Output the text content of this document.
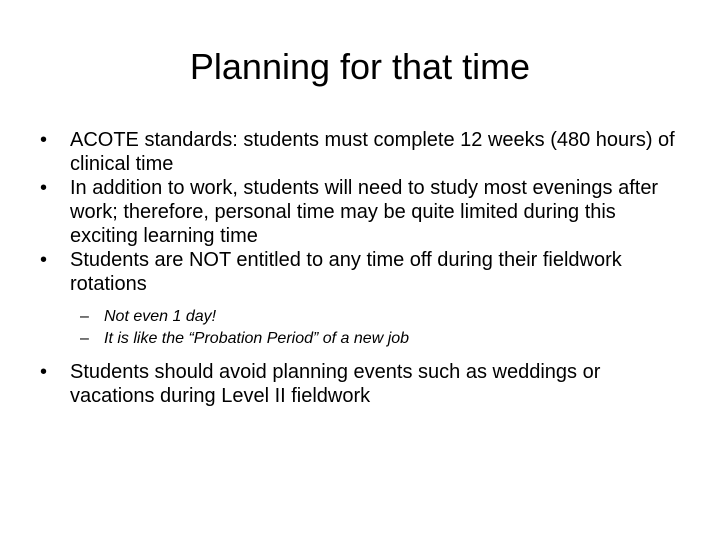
Planning for that time
•	ACOTE standards: students must complete 12 weeks (480 hours) of clinical time
•	In addition to work, students will need to study most evenings after work; therefore, personal time may be quite limited during this exciting learning time
•	Students are NOT entitled to any time off during their fieldwork rotations
– Not even 1 day!
– It is like the “Probation Period” of a new job
•	Students should avoid planning events such as weddings or vacations during Level II fieldwork
